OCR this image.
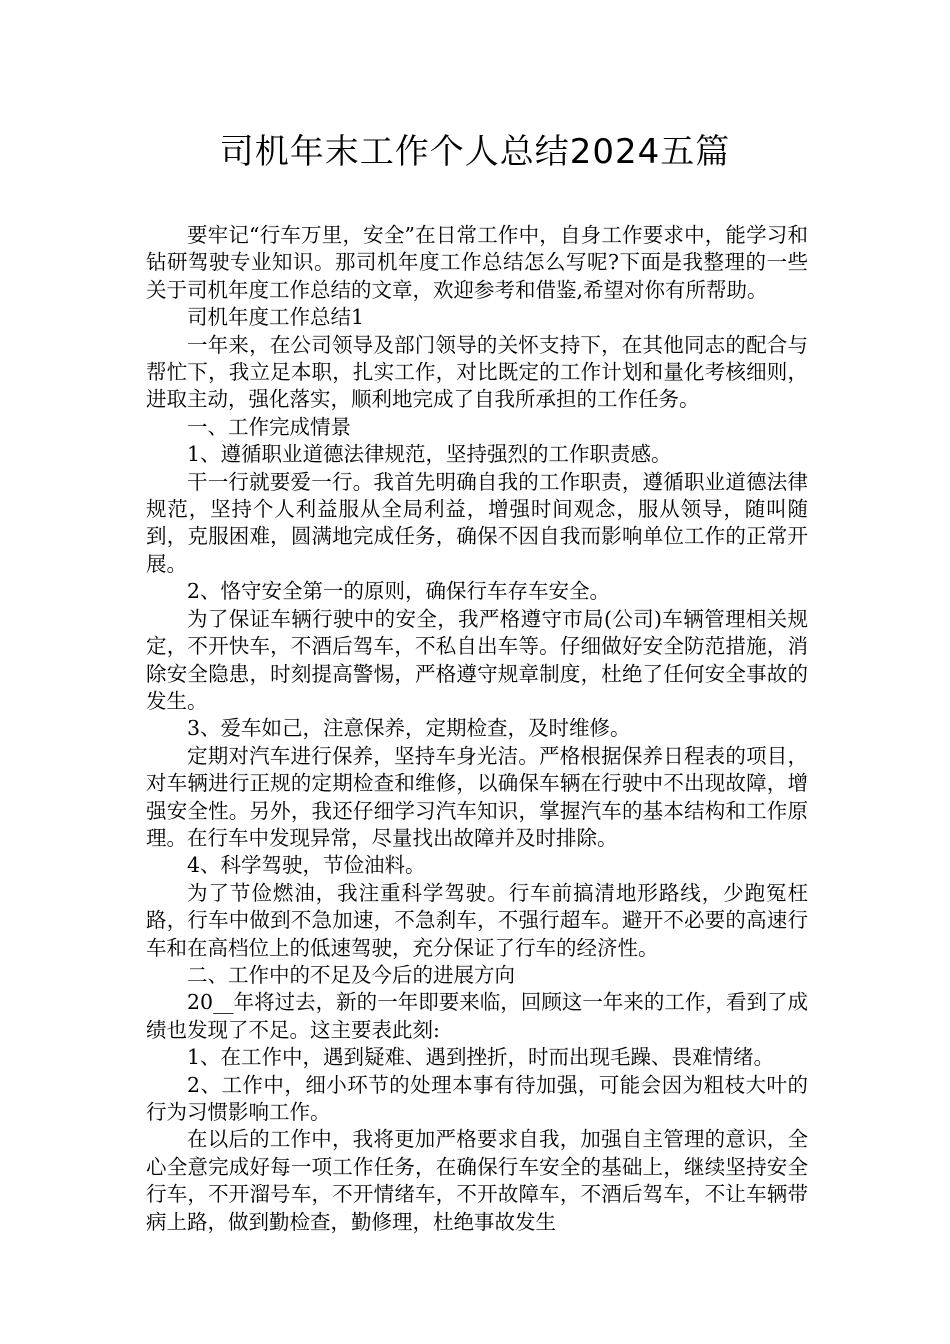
司机年末工作个人总结2024五篇

要牢记“行车万里，安全”在日常工作中，自身工作要求中，能学习和钻研驾驶专业知识。那司机年度工作总结怎么写呢?下面是我整理的一些关于司机年度工作总结的文章，欢迎参考和借鉴,希望对你有所帮助。

司机年度工作总结1

一年来，在公司领导及部门领导的关怀支持下，在其他同志的配合与帮忙下，我立足本职，扎实工作，对比既定的工作计划和量化考核细则，进取主动，强化落实，顺利地完成了自我所承担的工作任务。

一、工作完成情景

1、遵循职业道德法律规范，坚持强烈的工作职责感。

干一行就要爱一行。我首先明确自我的工作职责，遵循职业道德法律规范，坚持个人利益服从全局利益，增强时间观念，服从领导，随叫随到，克服困难，圆满地完成任务，确保不因自我而影响单位工作的正常开展。

2、恪守安全第一的原则，确保行车存车安全。

为了保证车辆行驶中的安全，我严格遵守市局(公司)车辆管理相关规定，不开快车，不酒后驾车，不私自出车等。仔细做好安全防范措施，消除安全隐患，时刻提高警惕，严格遵守规章制度，杜绝了任何安全事故的发生。

3、爱车如己，注意保养，定期检查，及时维修。

定期对汽车进行保养，坚持车身光洁。严格根据保养日程表的项目，对车辆进行正规的定期检查和维修，以确保车辆在行驶中不出现故障，增强安全性。另外，我还仔细学习汽车知识，掌握汽车的基本结构和工作原理。在行车中发现异常，尽量找出故障并及时排除。

4、科学驾驶，节俭油料。

为了节俭燃油，我注重科学驾驶。行车前搞清地形路线，少跑冤枉路，行车中做到不急加速，不急刹车，不强行超车。避开不必要的高速行车和在高档位上的低速驾驶，充分保证了行车的经济性。

二、工作中的不足及今后的进展方向

20__年将过去，新的一年即要来临，回顾这一年来的工作，看到了成绩也发现了不足。这主要表此刻:

1、在工作中，遇到疑难、遇到挫折，时而出现毛躁、畏难情绪。

2、工作中，细小环节的处理本事有待加强，可能会因为粗枝大叶的行为习惯影响工作。

在以后的工作中，我将更加严格要求自我，加强自主管理的意识，全心全意完成好每一项工作任务，在确保行车安全的基础上，继续坚持安全行车，不开溜号车，不开情绪车，不开故障车，不酒后驾车，不让车辆带病上路，做到勤检查，勤修理，杜绝事故发生
